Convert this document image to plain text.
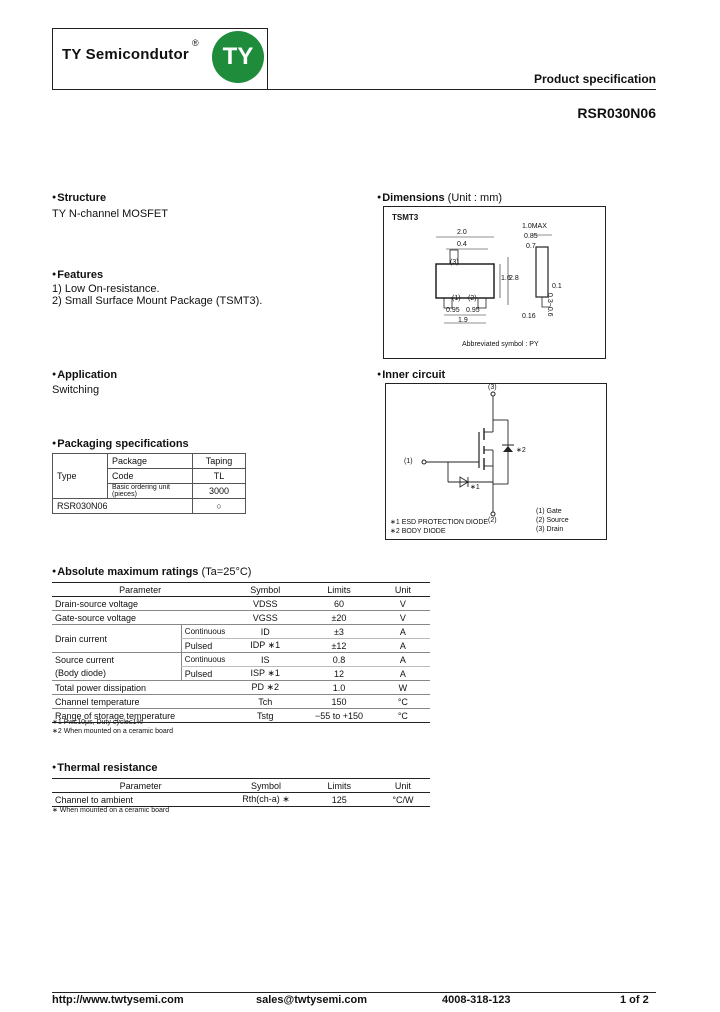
TY Semicondutor
®	TY
Product specification
RSR030N06
● Structure
TY N-channel MOSFET
● Features
1) Low On-resistance.
2) Small Surface Mount Package (TSMT3).
● Application
Switching
● Packaging specifications
Type	Package	Taping
	Code	TL
	Basic ordering unit (pieces)	3000
RSR030N06		○
● Dimensions (Unit : mm)
TSMT3
2.0
0.4
(3)
(1) (2)
0.95 0.95
1.9
1.6
2.8
1.0MAX
0.85
0.7
0.1
0.16 0.3~0.6
Abbreviated symbol : PY
● Inner circuit
(3)
(1)
(2)
∗2
∗1
∗1 ESD PROTECTION DIODE
∗2 BODY DIODE
(1) Gate
(2) Source
(3) Drain
● Absolute maximum ratings (Ta=25°C)
Parameter		Symbol	Limits	Unit
Drain-source voltage		VDSS	60	V
Gate-source voltage		VGSS	±20	V
Drain current	Continuous	ID	±3	A
	Pulsed	IDP ∗1	±12	A
Source current	Continuous	IS	0.8	A
(Body diode)	Pulsed	ISP ∗1	12	A
Total power dissipation		PD ∗2	1.0	W
Channel temperature		Tch	150	°C
Range of storage temperature		Tstg	−55 to +150	°C
∗1 Pw≤10μs, Duty cycle≤1%
∗2 When mounted on a ceramic board
● Thermal resistance
Parameter	Symbol	Limits	Unit
Channel to ambient	Rth(ch-a) ∗	125	°C/W
∗ When mounted on a ceramic board
http://www.twtysemi.com	sales@twtysemi.com	4008-318-123	1 of 2
